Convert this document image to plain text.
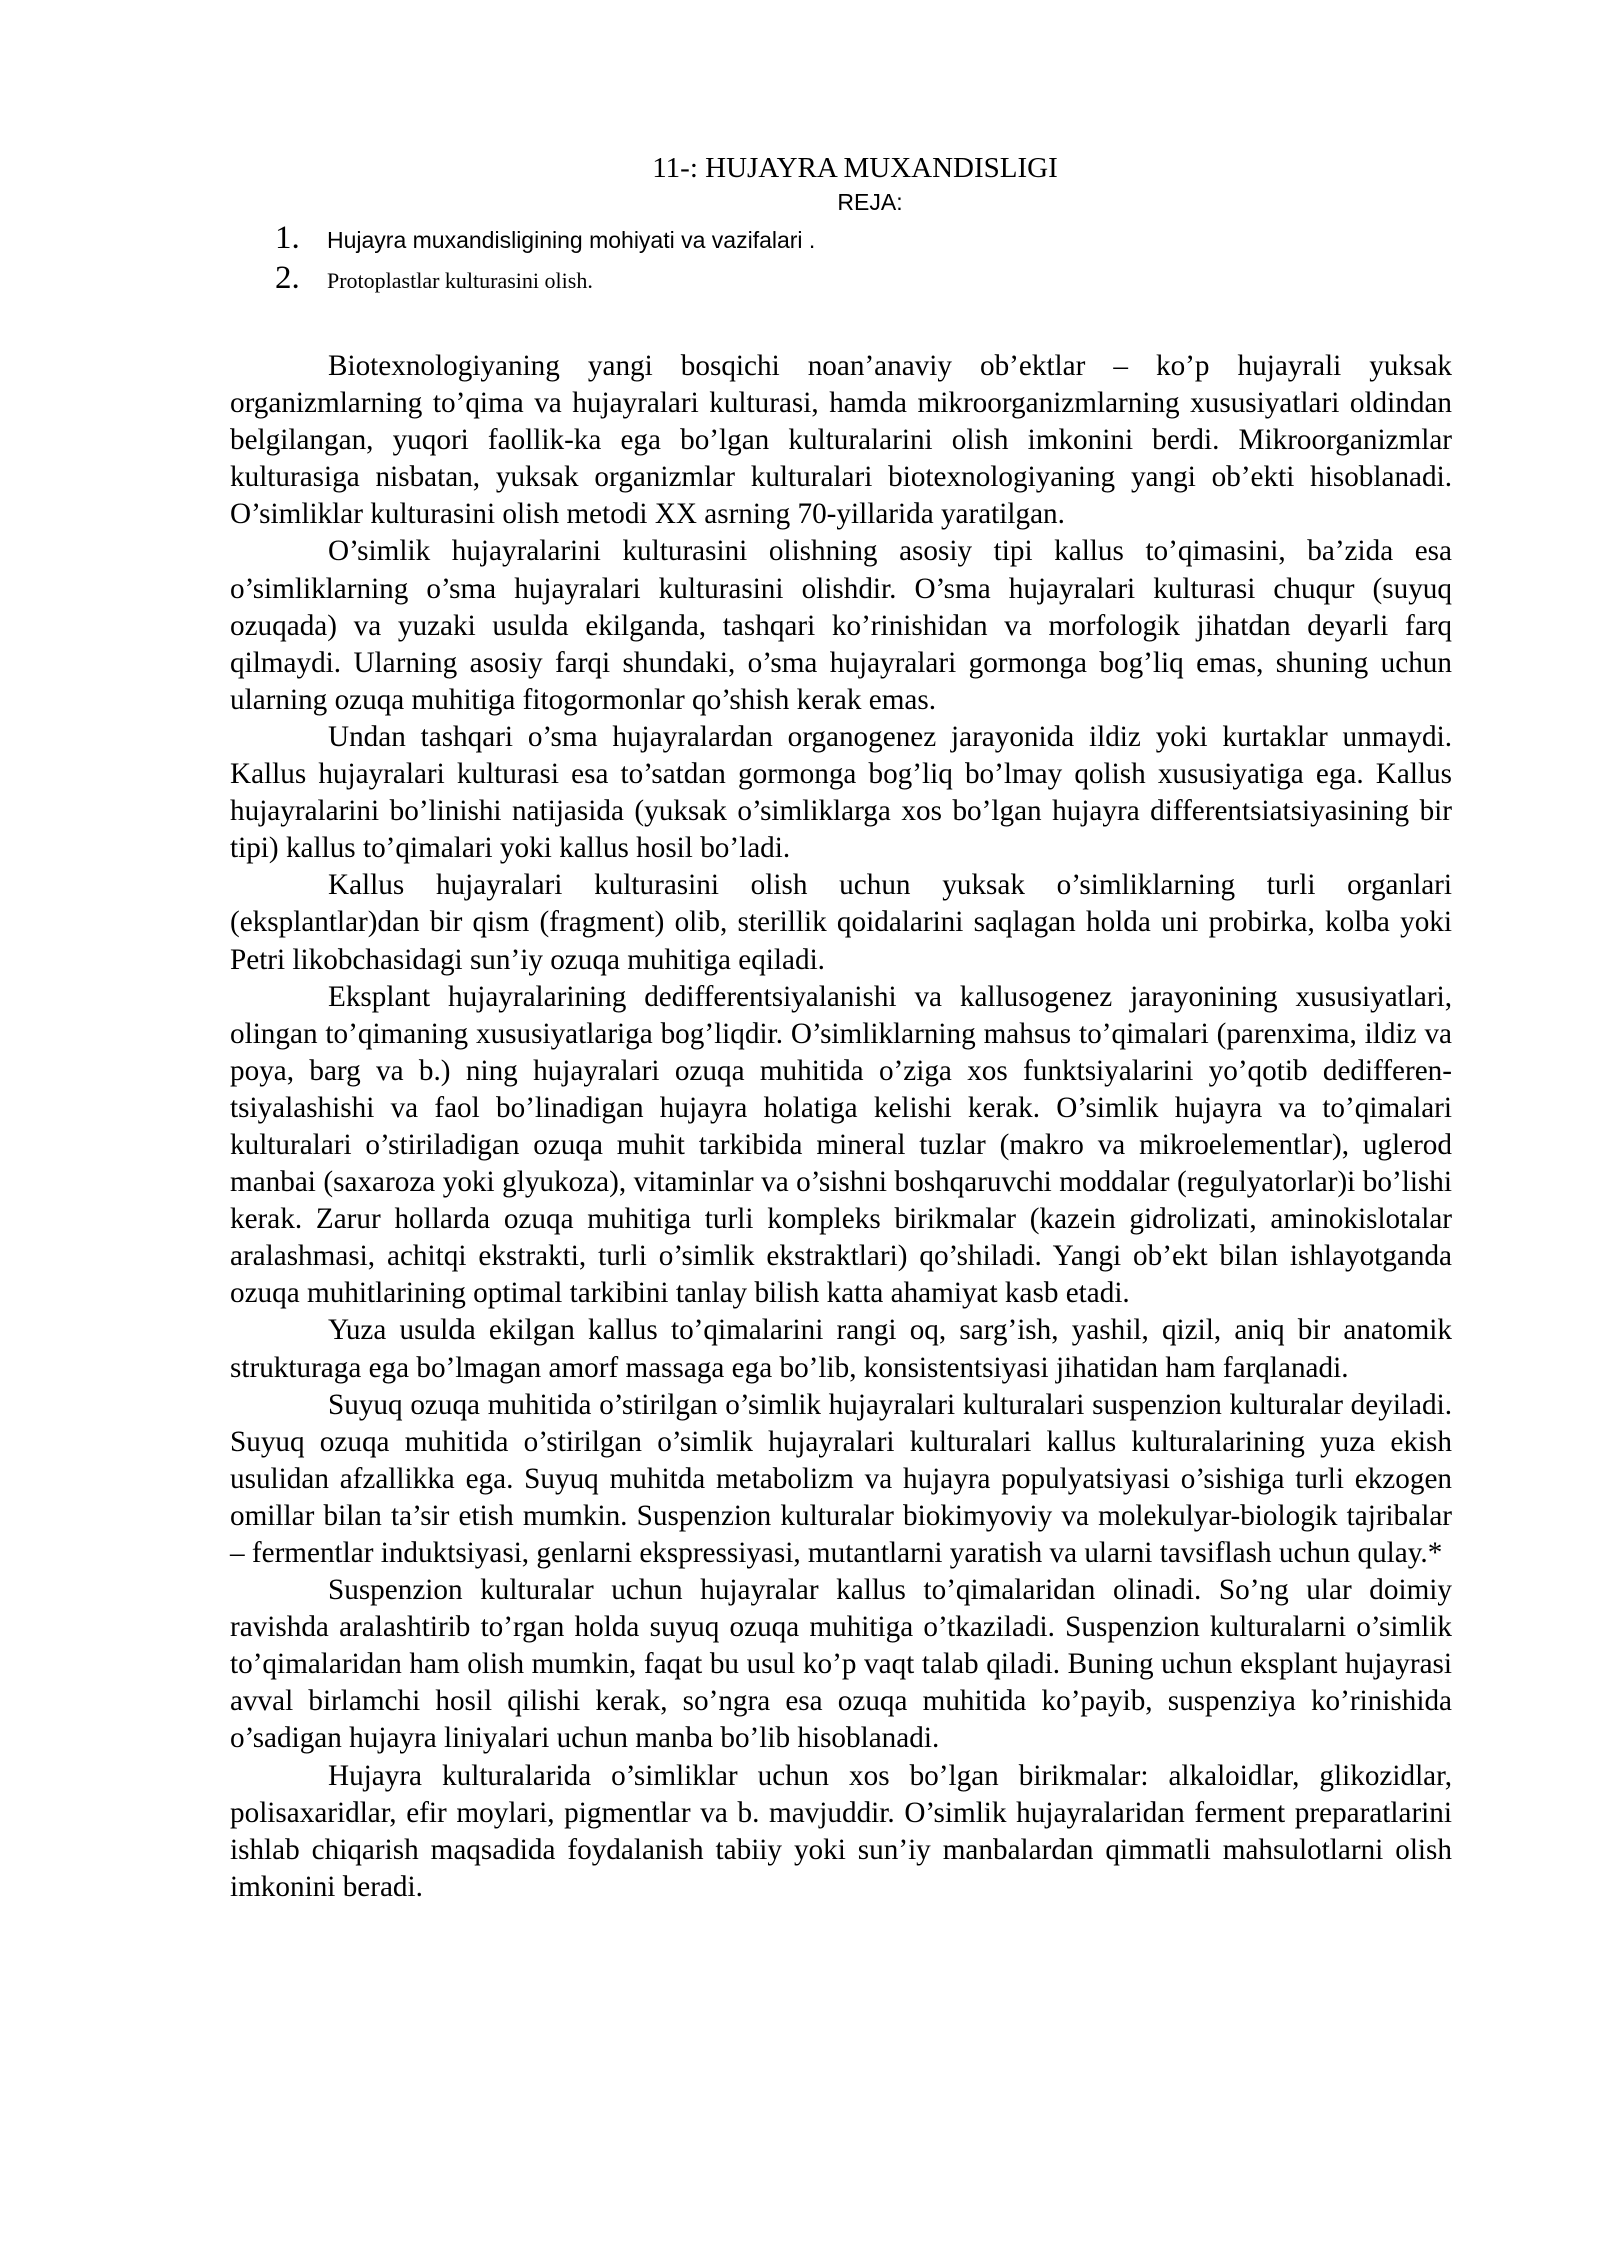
11-: HUJAYRA MUXANDISLIGI
REJA:
1.	Hujayra muxandisligining mohiyati va vazifalari .
2.	Protoplastlar kulturasini olish.

Biotexnologiyaning yangi bosqichi noan’anaviy ob’ektlar – ko’p hujayrali yuksak organizmlarning to’qima va hujayralari kulturasi, hamda mikroorganizmlarning xususiyatlari oldindan belgilangan, yuqori faollik-ka ega bo’lgan kulturalarini olish imkonini berdi. Mikroorganizmlar kulturasiga nisbatan, yuksak organizmlar kulturalari biotexnologiyaning yangi ob’ekti hisoblanadi. O’simliklar kulturasini olish metodi XX asrning 70-yillarida yaratilgan.

O’simlik hujayralarini kulturasini olishning asosiy tipi kallus to’qimasini, ba’zida esa o’simliklarning o’sma hujayralari kulturasini olishdir. O’sma hujayralari kulturasi chuqur (suyuq ozuqada) va yuzaki usulda ekilganda, tashqari ko’rinishidan va morfologik jihatdan deyarli farq qilmaydi. Ularning asosiy farqi shundaki, o’sma hujayralari gormonga bog’liq emas, shuning uchun ularning ozuqa muhitiga fitogormonlar qo’shish kerak emas.

Undan tashqari o’sma hujayralardan organogenez jarayonida ildiz yoki kurtaklar unmaydi. Kallus hujayralari kulturasi esa to’satdan gormonga bog’liq bo’lmay qolish xususiyatiga ega. Kallus hujayralarini bo’linishi natijasida (yuksak o’simliklarga xos bo’lgan hujayra differentsiatsiyasining bir tipi) kallus to’qimalari yoki kallus hosil bo’ladi.

Kallus hujayralari kulturasini olish uchun yuksak o’simliklarning turli organlari (eksplantlar)dan bir qism (fragment) olib, sterillik qoidalarini saqlagan holda uni probirka, kolba yoki Petri likobchasidagi sun’iy ozuqa muhitiga eqiladi.

Eksplant hujayralarining dedifferentsiyalanishi va kallusogenez jarayonining xususiyatlari, olingan to’qimaning xususiyatlariga bog’liqdir. O’simliklarning mahsus to’qimalari (parenxima, ildiz va poya, barg va b.) ning hujayralari ozuqa muhitida o’ziga xos funktsiyalarini yo’qotib dedifferen-tsiyalashishi va faol bo’linadigan hujayra holatiga kelishi kerak. O’simlik hujayra va to’qimalari kulturalari o’stiriladigan ozuqa muhit tarkibida mineral tuzlar (makro va mikroelementlar), uglerod manbai (saxaroza yoki glyukoza), vitaminlar va o’sishni boshqaruvchi moddalar (regulyatorlar)i bo’lishi kerak. Zarur hollarda ozuqa muhitiga turli kompleks birikmalar (kazein gidrolizati, aminokislotalar aralashmasi, achitqi ekstrakti, turli o’simlik ekstraktlari) qo’shiladi. Yangi ob’ekt bilan ishlayotganda ozuqa muhitlarining optimal tarkibini tanlay bilish katta ahamiyat kasb etadi.

Yuza usulda ekilgan kallus to’qimalarini rangi oq, sarg’ish, yashil, qizil, aniq bir anatomik strukturaga ega bo’lmagan amorf massaga ega bo’lib, konsistentsiyasi jihatidan ham farqlanadi.

Suyuq ozuqa muhitida o’stirilgan o’simlik hujayralari kulturalari suspenzion kulturalar deyiladi. Suyuq ozuqa muhitida o’stirilgan o’simlik hujayralari kulturalari kallus kulturalarining yuza ekish usulidan afzallikka ega. Suyuq muhitda metabolizm va hujayra populyatsiyasi o’sishiga turli ekzogen omillar bilan ta’sir etish mumkin. Suspenzion kulturalar biokimyoviy va molekulyar-biologik tajribalar – fermentlar induktsiyasi, genlarni ekspressiyasi, mutantlarni yaratish va ularni tavsiflash uchun qulay.*

Suspenzion kulturalar uchun hujayralar kallus to’qimalaridan olinadi. So’ng ular doimiy ravishda aralashtirib to’rgan holda suyuq ozuqa muhitiga o’tkaziladi. Suspenzion kulturalarni o’simlik to’qimalaridan ham olish mumkin, faqat bu usul ko’p vaqt talab qiladi. Buning uchun eksplant hujayrasi avval birlamchi hosil qilishi kerak, so’ngra esa ozuqa muhitida ko’payib, suspenziya ko’rinishida o’sadigan hujayra liniyalari uchun manba bo’lib hisoblanadi.

Hujayra kulturalarida o’simliklar uchun xos bo’lgan birikmalar: alkaloidlar, glikozidlar, polisaxaridlar, efir moylari, pigmentlar va b. mavjuddir. O’simlik hujayralaridan ferment preparatlarini ishlab chiqarish maqsadida foydalanish tabiiy yoki sun’iy manbalardan qimmatli mahsulotlarni olish imkonini beradi.
